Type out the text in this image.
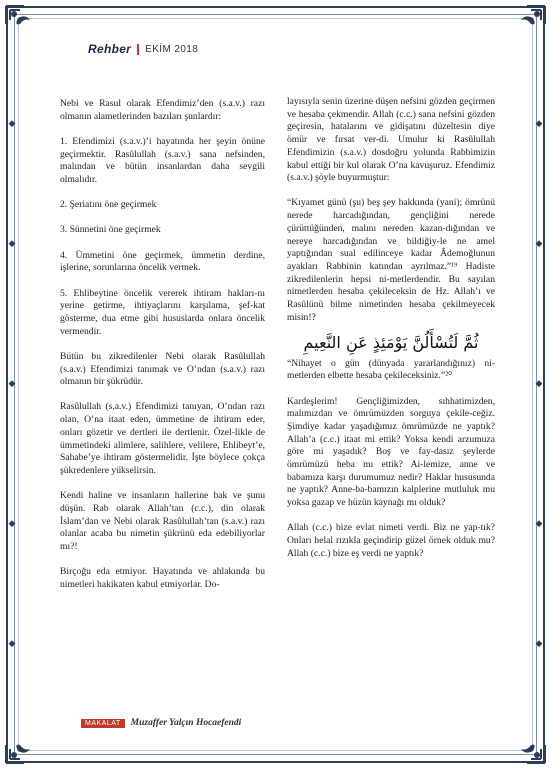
◆
◆
◆
◆
◆
◆
◆
◆
◆
◆
Rehber EKİM 2018

Nebi ve Rasul olarak Efendimiz’den (s.a.v.) razı olmanın alametlerinden bazıları şunlardır:

1. Efendimizi (s.a.v.)’i hayatında her şeyin önüne geçirmektir. Rasûlullah (s.a.v.) sana nefsinden, malından ve bütün insanlardan daha sevgili olmalıdır.

2. Şeriatını öne geçirmek

3. Sünnetini öne geçirmek

4. Ümmetini öne geçirmek, ümmetin derdine, işlerine, sorunlarına öncelik vermek.

5. Ehlibeytine öncelik vererek ihtiram hakları-nı yerine getirme, ihtiyaçlarını karşılama, şef-kat gösterme, dua etme gibi hususlarda onlara öncelik vermendir.

Bütün bu zikredilenler Nebi olarak Rasûlullah (s.a.v.) Efendimizi tanımak ve O’ndan (s.a.v.) razı olmanın bir şükrüdür.

Rasûlullah (s.a.v.) Efendimizi tanıyan, O’ndan razı olan, O’na itaat eden, ümmetine de ihtiram eder, onları gözetir ve dertleri ile dertlenir. Özel-likle de ümmetindeki alimlere, salihlere, velilere, Ehlibeyt’e, Sahabe’ye ihtiram göstermelidir. İşte böylece çokça şükredenlere yükselirsin.

Kendi haline ve insanların hallerine bak ve şunu düşün. Rab olarak Allah’tan (c.c.), din olarak İslam’dan ve Nebi olarak Rasûlullah’tan (s.a.v.) razı olanlar acaba bu nimetin şükrünü eda edebiliyorlar mı?!

Birçoğu eda etmiyor. Hayatında ve ahlakında bu nimetleri hakikaten kabul etmiyorlar. Do-

layısıyla senin üzerine düşen nefsini gözden geçirmen ve hesaba çekmendir. Allah (c.c.) sana nefsini gözden geçiresin, hatalarını ve gidişatını düzeltesin diye ömür ve fırsat ver-di. Umulur ki Rasûlullah Efendimizin (s.a.v.) dosdoğru yolunda Rabbimizin kabul ettiği bir kul olarak O’na kavuşuruz. Efendimiz (s.a.v.) şöyle buyurmuştur:

“Kıyamet günü (şu) beş şey hakkında (yani); ömrünü nerede harcadığından, gençliğini nerede çürüttüğünden, malını nereden kazan-dığından ve nereye harcadığından ve bildiğiy-le ne amel yaptığından sual edilinceye kadar Âdemoğlunun ayakları Rabbinin katından ayrılmaz.”¹⁹ Hadiste zikredilenlerin hepsi ni-metlerdendir. Bu sayılan nimetlerden hesaba çekileceksin de Hz. Allah’ı ve Rasûlünü bilme nimetinden hesaba çekilmeyecek misin!?

ثُمَّ لَتُسْأَلُنَّ يَوْمَئِذٍ عَنِ النَّعِيمِ

“Nihayet o gün (dünyada yararlandığınız) ni-metlerden elbette hesaba çekileceksiniz.”²⁰

Kardeşlerim! Gençliğimizden, sıhhatimizden, malımızdan ve ömrümüzden sorguya çekile-ceğiz. Şimdiye kadar yaşadığımız ömrümüzde ne yaptık? Allah’a (c.c.) itaat mi ettik? Yoksa kendi arzumuza göre mi yaşadık? Boş ve fay-dasız şeylerde ömrümüzü heba mı ettik? Ai-lemize, anne ve babamıza karşı durumumuz nedir? Haklar hususunda ne yaptık? Anne-ba-bamızın kalplerine mutluluk mu yoksa gazap ve hüzün kaynağı mı olduk?

Allah (c.c.) bize evlat nimeti verdi. Biz ne yap-tık? Onları helal rızıkla geçindirip güzel örnek olduk mu? Allah (c.c.) bize eş verdi ne yaptık?

MAKALAT	Muzaffer Yalçın Hocaefendi
